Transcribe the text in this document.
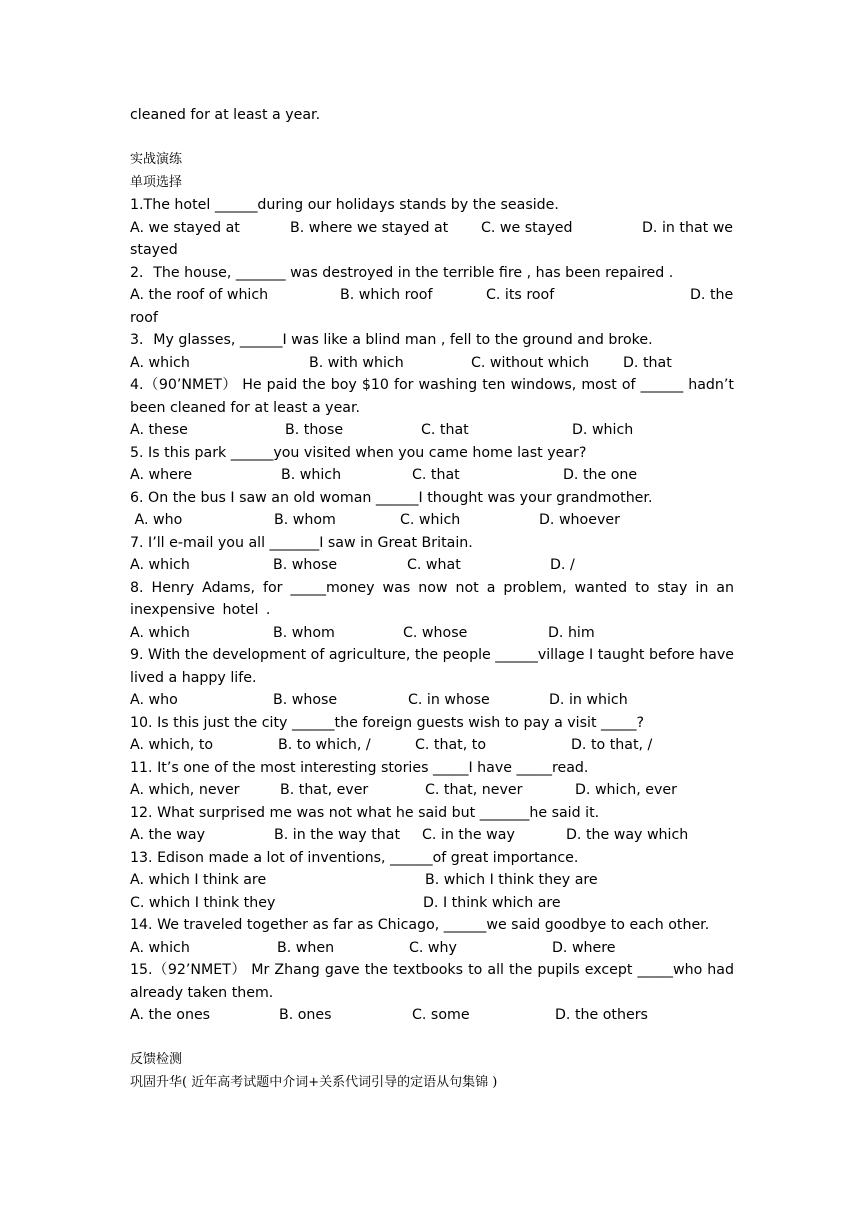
cleaned for at least a year.
实战演练
单项选择
1.The hotel ______during our holidays stands by the seaside.

A. we stayed at

	B. where we stayed at

C. we stayed

	D. in that we

stayed
2．The house, _______ was destroyed in the terrible fire , has been repaired .

A. the roof of which

	B. which roof

	C. its roof

	D. the

roof
3．My glasses, ______I was like a blind man , fell to the ground and broke.

A. which

	B. with which

	C. without which

D. that

4.（90’NMET） He paid the boy $10 for washing ten windows, most of ______ hadn’t been cleaned for at least a year.

A. these

	B. those

	C. that

	D. which

5. Is this park ______you visited when you came home last year?

A. where

	B. which

	C. that

	D. the one

6. On the bus I saw an old woman ______I thought was your grandmother.

A. who

	B. whom

	C. which

	D. whoever

7. I’ll e-mail you all _______I saw in Great Britain.

A. which

	B. whose

	C. what

	D. /

8. Henry Adams, for _____money was now not a problem, wanted to stay in an inexpensive hotel .

A. which

	B. whom

	C. whose

	D. him

9. With the development of agriculture, the people ______village I taught before have lived a happy life.

A. who

	B. whose

	C. in whose

	D. in which

10. Is this just the city ______the foreign guests wish to pay a visit _____?

A. which, to

	B. to which, /

	C. that, to

	D. to that, /

11. It’s one of the most interesting stories _____I have _____read.

A. which, never

	B. that, ever

	C. that, never

	D. which, ever

12. What surprised me was not what he said but _______he said it.

A. the way

	B. in the way that

C. in the way

	D. the way which

13. Edison made a lot of inventions, ______of great importance.

A. which I think are

	B. which I think they are

C. which I think they

	D. I think which are

14. We traveled together as far as Chicago, ______we said goodbye to each other.

A. which

	B. when

	C. why

	D. where

15.（92’NMET） Mr Zhang gave the textbooks to all the pupils except _____who had already taken them.

A. the ones

	B. ones

	C. some

	D. the others

反馈检测
巩固升华( 近年高考试题中介词+关系代词引导的定语从句集锦 )
